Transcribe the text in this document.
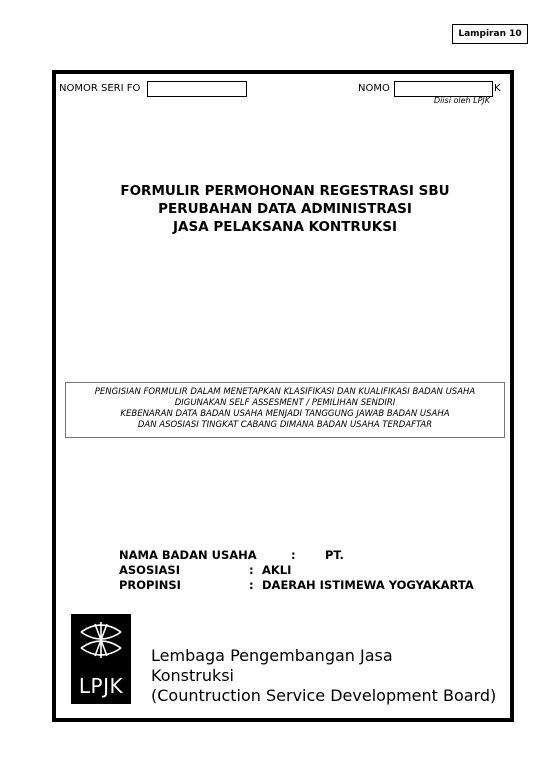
Lampiran 10
NOMOR SERI FO	NOMO	K
Diisi oleh LPJK
FORMULIR PERMOHONAN REGESTRASI SBU
PERUBAHAN DATA ADMINISTRASI
JASA PELAKSANA KONTRUKSI
PENGISIAN FORMULIR DALAM MENETAPKAN KLASIFIKASI DAN KUALIFIKASI BADAN USAHA
DIGUNAKAN SELF ASSESMENT / PEMILIHAN SENDIRI
KEBENARAN DATA BADAN USAHA MENJADI TANGGUNG JAWAB BADAN USAHA
DAN ASOSIASI TINGKAT CABANG DIMANA BADAN USAHA TERDAFTAR
NAMA BADAN USAHA	:	PT.
ASOSIASI	: AKLI
PROPINSI	: DAERAH ISTIMEWA YOGYAKARTA
LPJK
Lembaga Pengembangan Jasa
Konstruksi
(Countruction Service Development Board)
